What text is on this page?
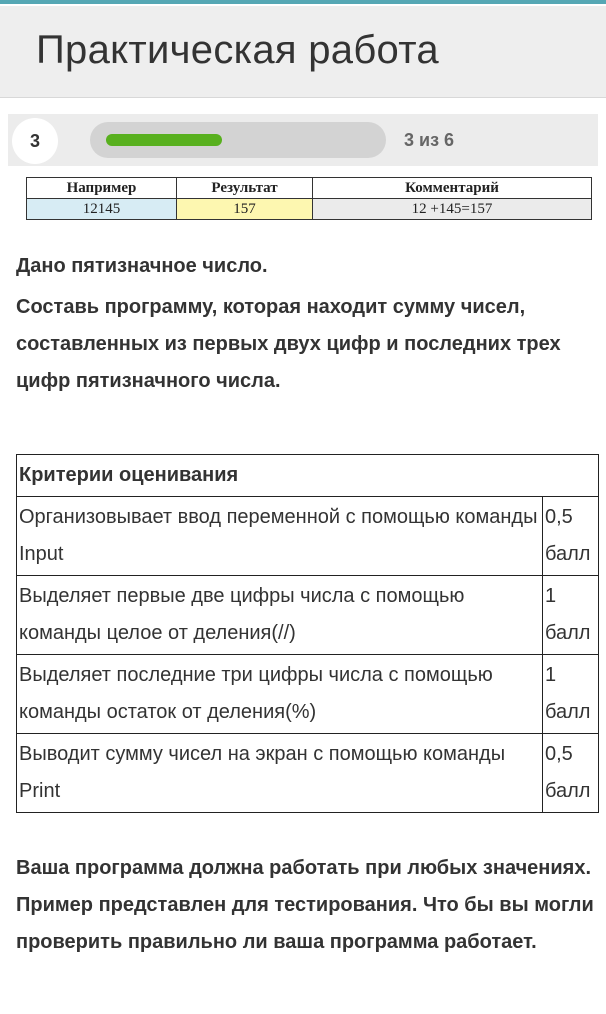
Практическая работа
3	3 из 6
Например	Результат	Комментарий
12145	157	12 +145=157

Дано пятизначное число.

Составь программу, которая находит сумму чисел, составленных из первых двух цифр и последних трех цифр пятизначного числа.

Критерии оценивания	
Организовывает ввод переменной с помощью команды Input	0,5 балл
Выделяет первые две цифры числа с помощью команды целое от деления(//)	1 балл
Выделяет последние три цифры числа с помощью команды остаток от деления(%)	1 балл
Выводит сумму чисел на экран с помощью команды Print	0,5 балл
Ваша программа должна работать при любых значениях. Пример представлен для тестирования. Что бы вы могли проверить правильно ли ваша программа работает.
